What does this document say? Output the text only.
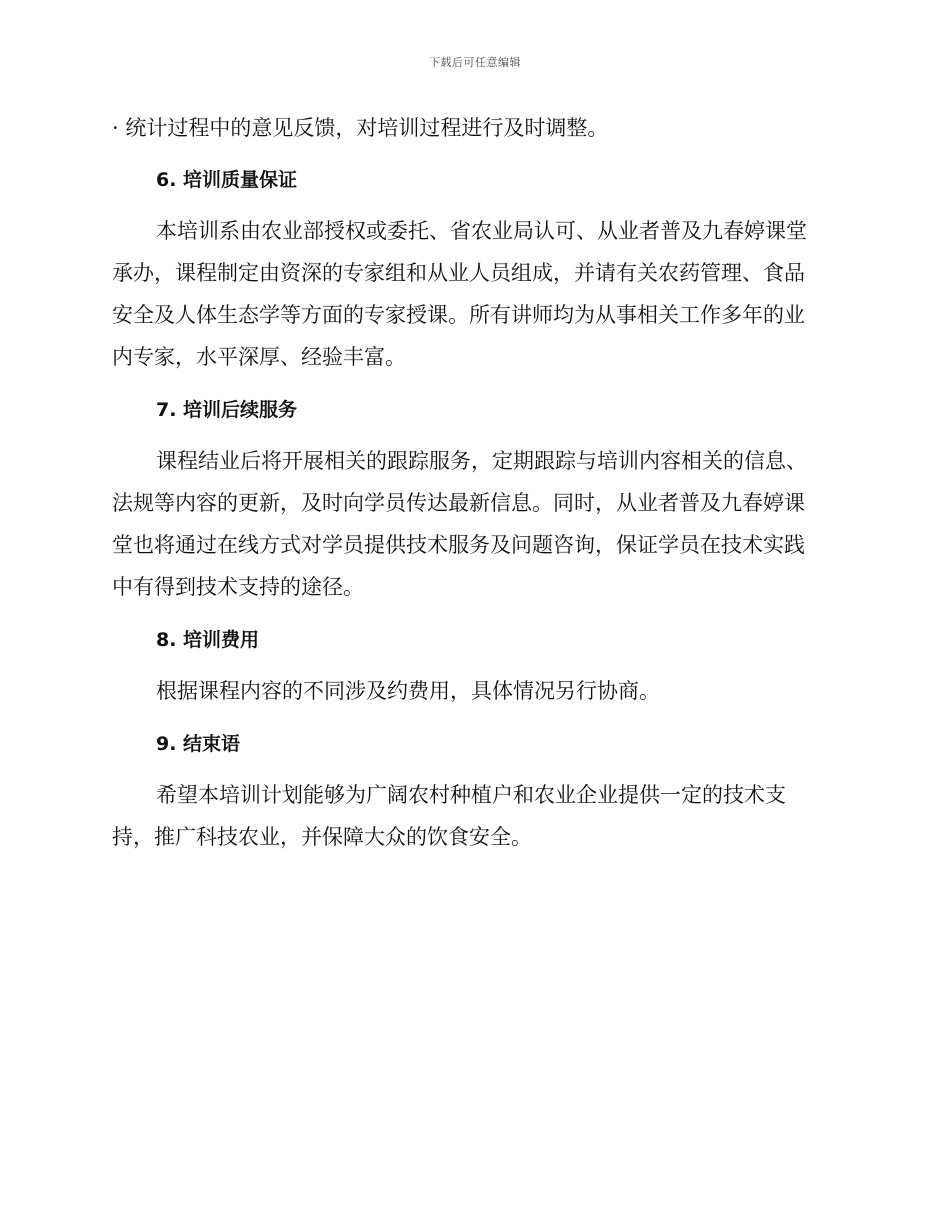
下载后可任意编辑
· 统计过程中的意见反馈，对培训过程进行及时调整。
6. 培训质量保证

本培训系由农业部授权或委托、省农业局认可、从业者普及九春婷课堂
承办，课程制定由资深的专家组和从业人员组成，并请有关农药管理、食品
安全及人体生态学等方面的专家授课。所有讲师均为从事相关工作多年的业
内专家，水平深厚、经验丰富。

7. 培训后续服务

课程结业后将开展相关的跟踪服务，定期跟踪与培训内容相关的信息、
法规等内容的更新，及时向学员传达最新信息。同时，从业者普及九春婷课
堂也将通过在线方式对学员提供技术服务及问题咨询，保证学员在技术实践
中有得到技术支持的途径。

8. 培训费用

根据课程内容的不同涉及约费用，具体情况另行协商。

9. 结束语

希望本培训计划能够为广阔农村种植户和农业企业提供一定的技术支
持，推广科技农业，并保障大众的饮食安全。
